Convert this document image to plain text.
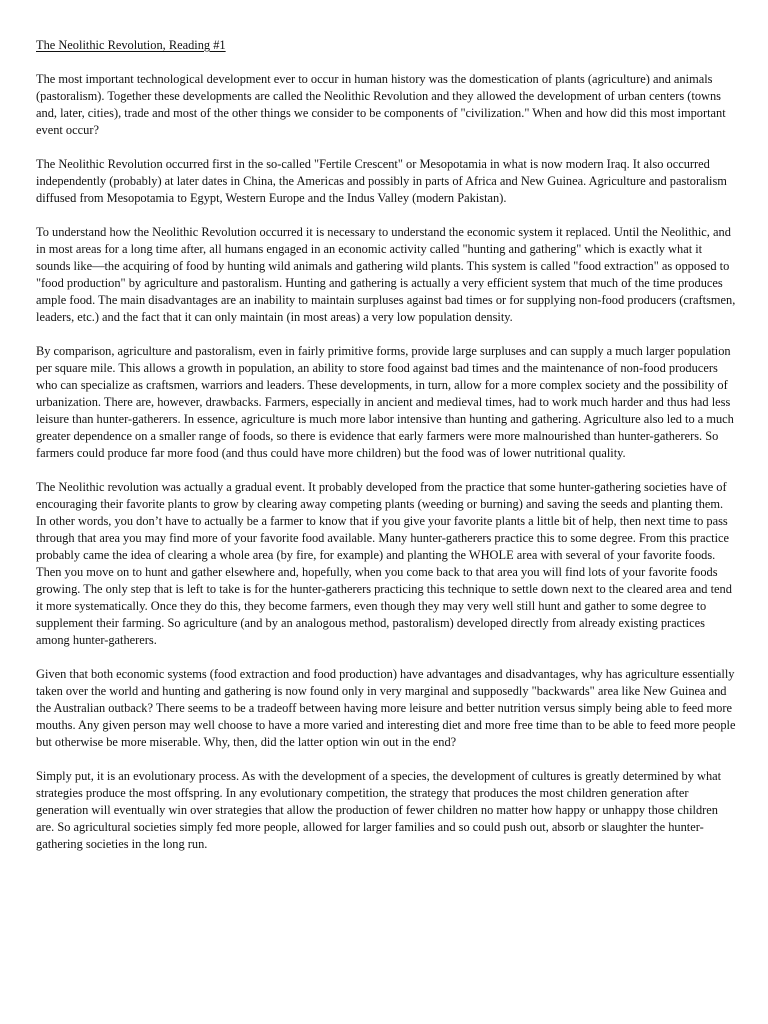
The Neolithic Revolution, Reading #1

The most important technological development ever to occur in human history was the domestication of plants (agriculture) and animals (pastoralism). Together these developments are called the Neolithic Revolution and they allowed the development of urban centers (towns and, later, cities), trade and most of the other things we consider to be components of "civilization." When and how did this most important event occur?

The Neolithic Revolution occurred first in the so-called "Fertile Crescent" or Mesopotamia in what is now modern Iraq. It also occurred independently (probably) at later dates in China, the Americas and possibly in parts of Africa and New Guinea. Agriculture and pastoralism diffused from Mesopotamia to Egypt, Western Europe and the Indus Valley (modern Pakistan).

To understand how the Neolithic Revolution occurred it is necessary to understand the economic system it replaced. Until the Neolithic, and in most areas for a long time after, all humans engaged in an economic activity called "hunting and gathering" which is exactly what it sounds like—the acquiring of food by hunting wild animals and gathering wild plants. This system is called "food extraction" as opposed to "food production" by agriculture and pastoralism. Hunting and gathering is actually a very efficient system that much of the time produces ample food. The main disadvantages are an inability to maintain surpluses against bad times or for supplying non-food producers (craftsmen, leaders, etc.) and the fact that it can only maintain (in most areas) a very low population density.

By comparison, agriculture and pastoralism, even in fairly primitive forms, provide large surpluses and can supply a much larger population per square mile. This allows a growth in population, an ability to store food against bad times and the maintenance of non-food producers who can specialize as craftsmen, warriors and leaders. These developments, in turn, allow for a more complex society and the possibility of urbanization. There are, however, drawbacks. Farmers, especially in ancient and medieval times, had to work much harder and thus had less leisure than hunter-gatherers. In essence, agriculture is much more labor intensive than hunting and gathering. Agriculture also led to a much greater dependence on a smaller range of foods, so there is evidence that early farmers were more malnourished than hunter-gatherers. So farmers could produce far more food (and thus could have more children) but the food was of lower nutritional quality.

The Neolithic revolution was actually a gradual event. It probably developed from the practice that some hunter-gathering societies have of encouraging their favorite plants to grow by clearing away competing plants (weeding or burning) and saving the seeds and planting them. In other words, you don’t have to actually be a farmer to know that if you give your favorite plants a little bit of help, then next time to pass through that area you may find more of your favorite food available. Many hunter-gatherers practice this to some degree. From this practice probably came the idea of clearing a whole area (by fire, for example) and planting the WHOLE area with several of your favorite foods. Then you move on to hunt and gather elsewhere and, hopefully, when you come back to that area you will find lots of your favorite foods growing. The only step that is left to take is for the hunter-gatherers practicing this technique to settle down next to the cleared area and tend it more systematically. Once they do this, they become farmers, even though they may very well still hunt and gather to some degree to supplement their farming. So agriculture (and by an analogous method, pastoralism) developed directly from already existing practices among hunter-gatherers.

Given that both economic systems (food extraction and food production) have advantages and disadvantages, why has agriculture essentially taken over the world and hunting and gathering is now found only in very marginal and supposedly "backwards" area like New Guinea and the Australian outback? There seems to be a tradeoff between having more leisure and better nutrition versus simply being able to feed more mouths. Any given person may well choose to have a more varied and interesting diet and more free time than to be able to feed more people but otherwise be more miserable. Why, then, did the latter option win out in the end?

Simply put, it is an evolutionary process. As with the development of a species, the development of cultures is greatly determined by what strategies produce the most offspring. In any evolutionary competition, the strategy that produces the most children generation after generation will eventually win over strategies that allow the production of fewer children no matter how happy or unhappy those children are. So agricultural societies simply fed more people, allowed for larger families and so could push out, absorb or slaughter the hunter-gathering societies in the long run.
